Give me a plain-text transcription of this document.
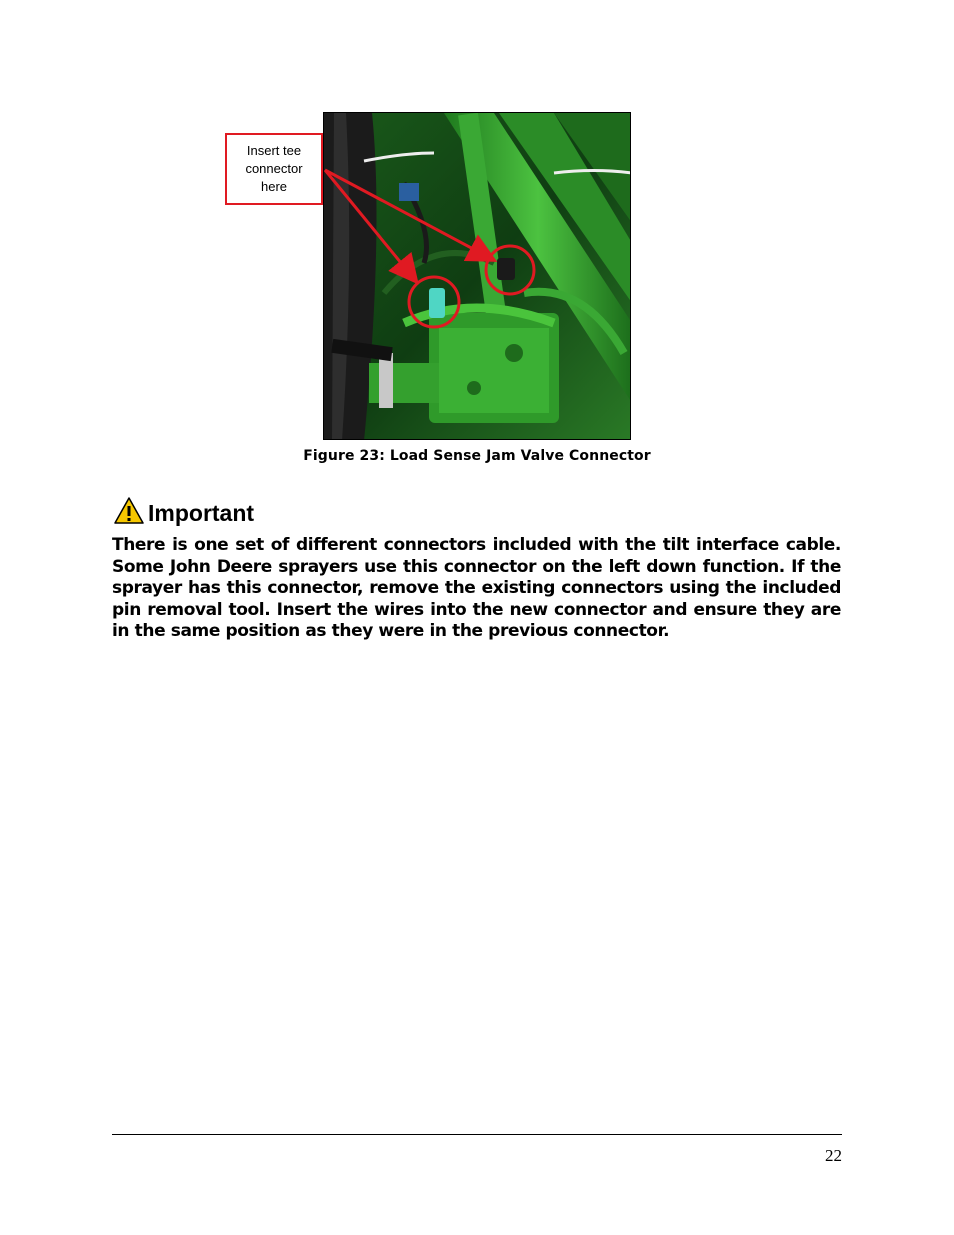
Insert tee
connector
here
Figure 23: Load Sense Jam Valve Connector
Important
There is one set of different connectors included with the tilt interface cable. Some John Deere sprayers use this connector on the left down function. If the sprayer has this connector, remove the existing connectors using the included pin removal tool. Insert the wires into the new connector and ensure they are in the same position as they were in the previous connector.
22
